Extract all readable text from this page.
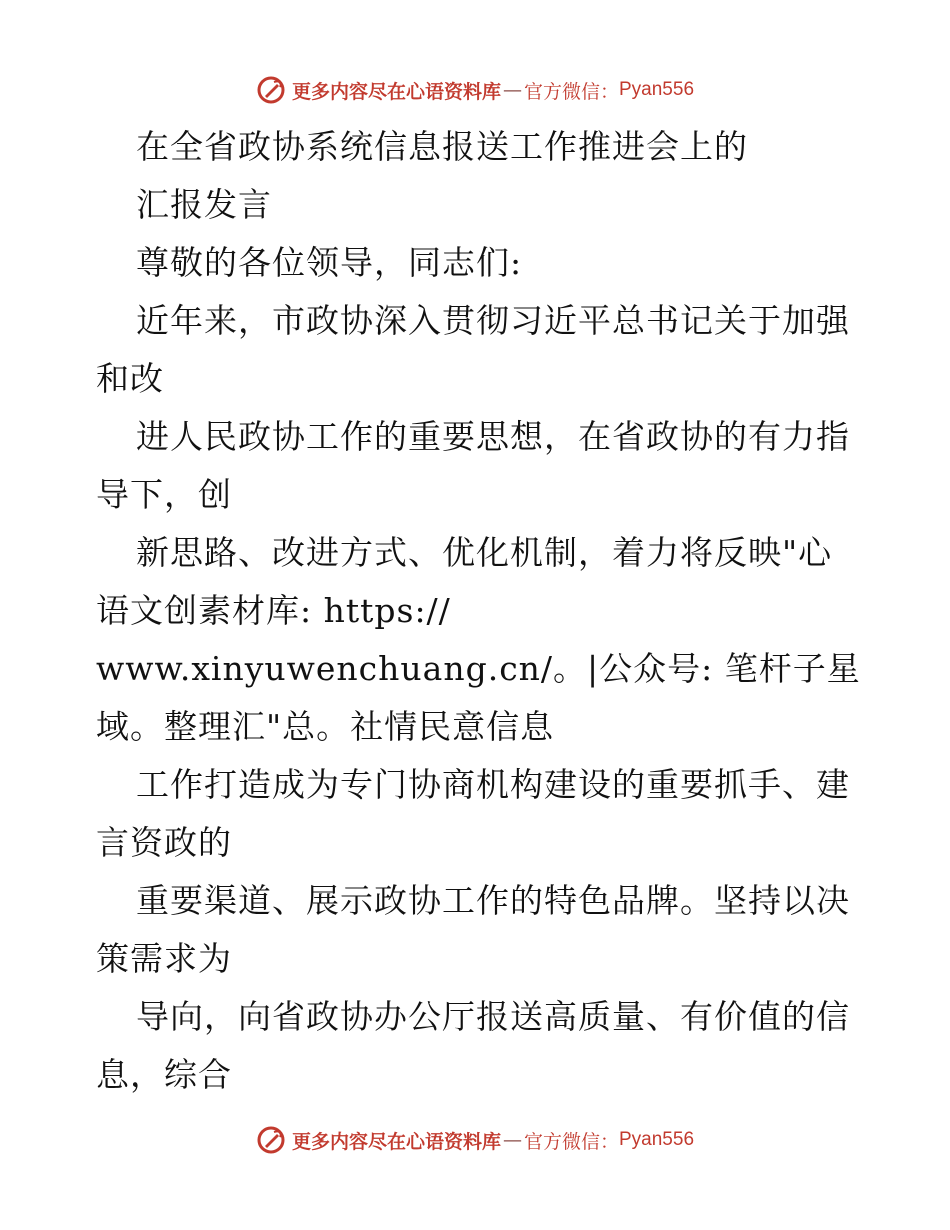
更多内容尽在心语资料库 — 官方微信： Pyan556
在全省政协系统信息报送工作推进会上的
汇报发言
尊敬的各位领导，同志们:
近年来，市政协深入贯彻习近平总书记关于加强
和改
进人民政协工作的重要思想，在省政协的有力指
导下，创
新思路、改进方式、优化机制，着力将反映"心
语文创素材库: https://
www.xinyuwenchuang.cn/。|公众号: 笔杆子星
域。整理汇"总。社情民意信息
工作打造成为专门协商机构建设的重要抓手、建
言资政的
重要渠道、展示政协工作的特色品牌。坚持以决
策需求为
导向，向省政协办公厅报送高质量、有价值的信
息，综合
更多内容尽在心语资料库 — 官方微信： Pyan556
